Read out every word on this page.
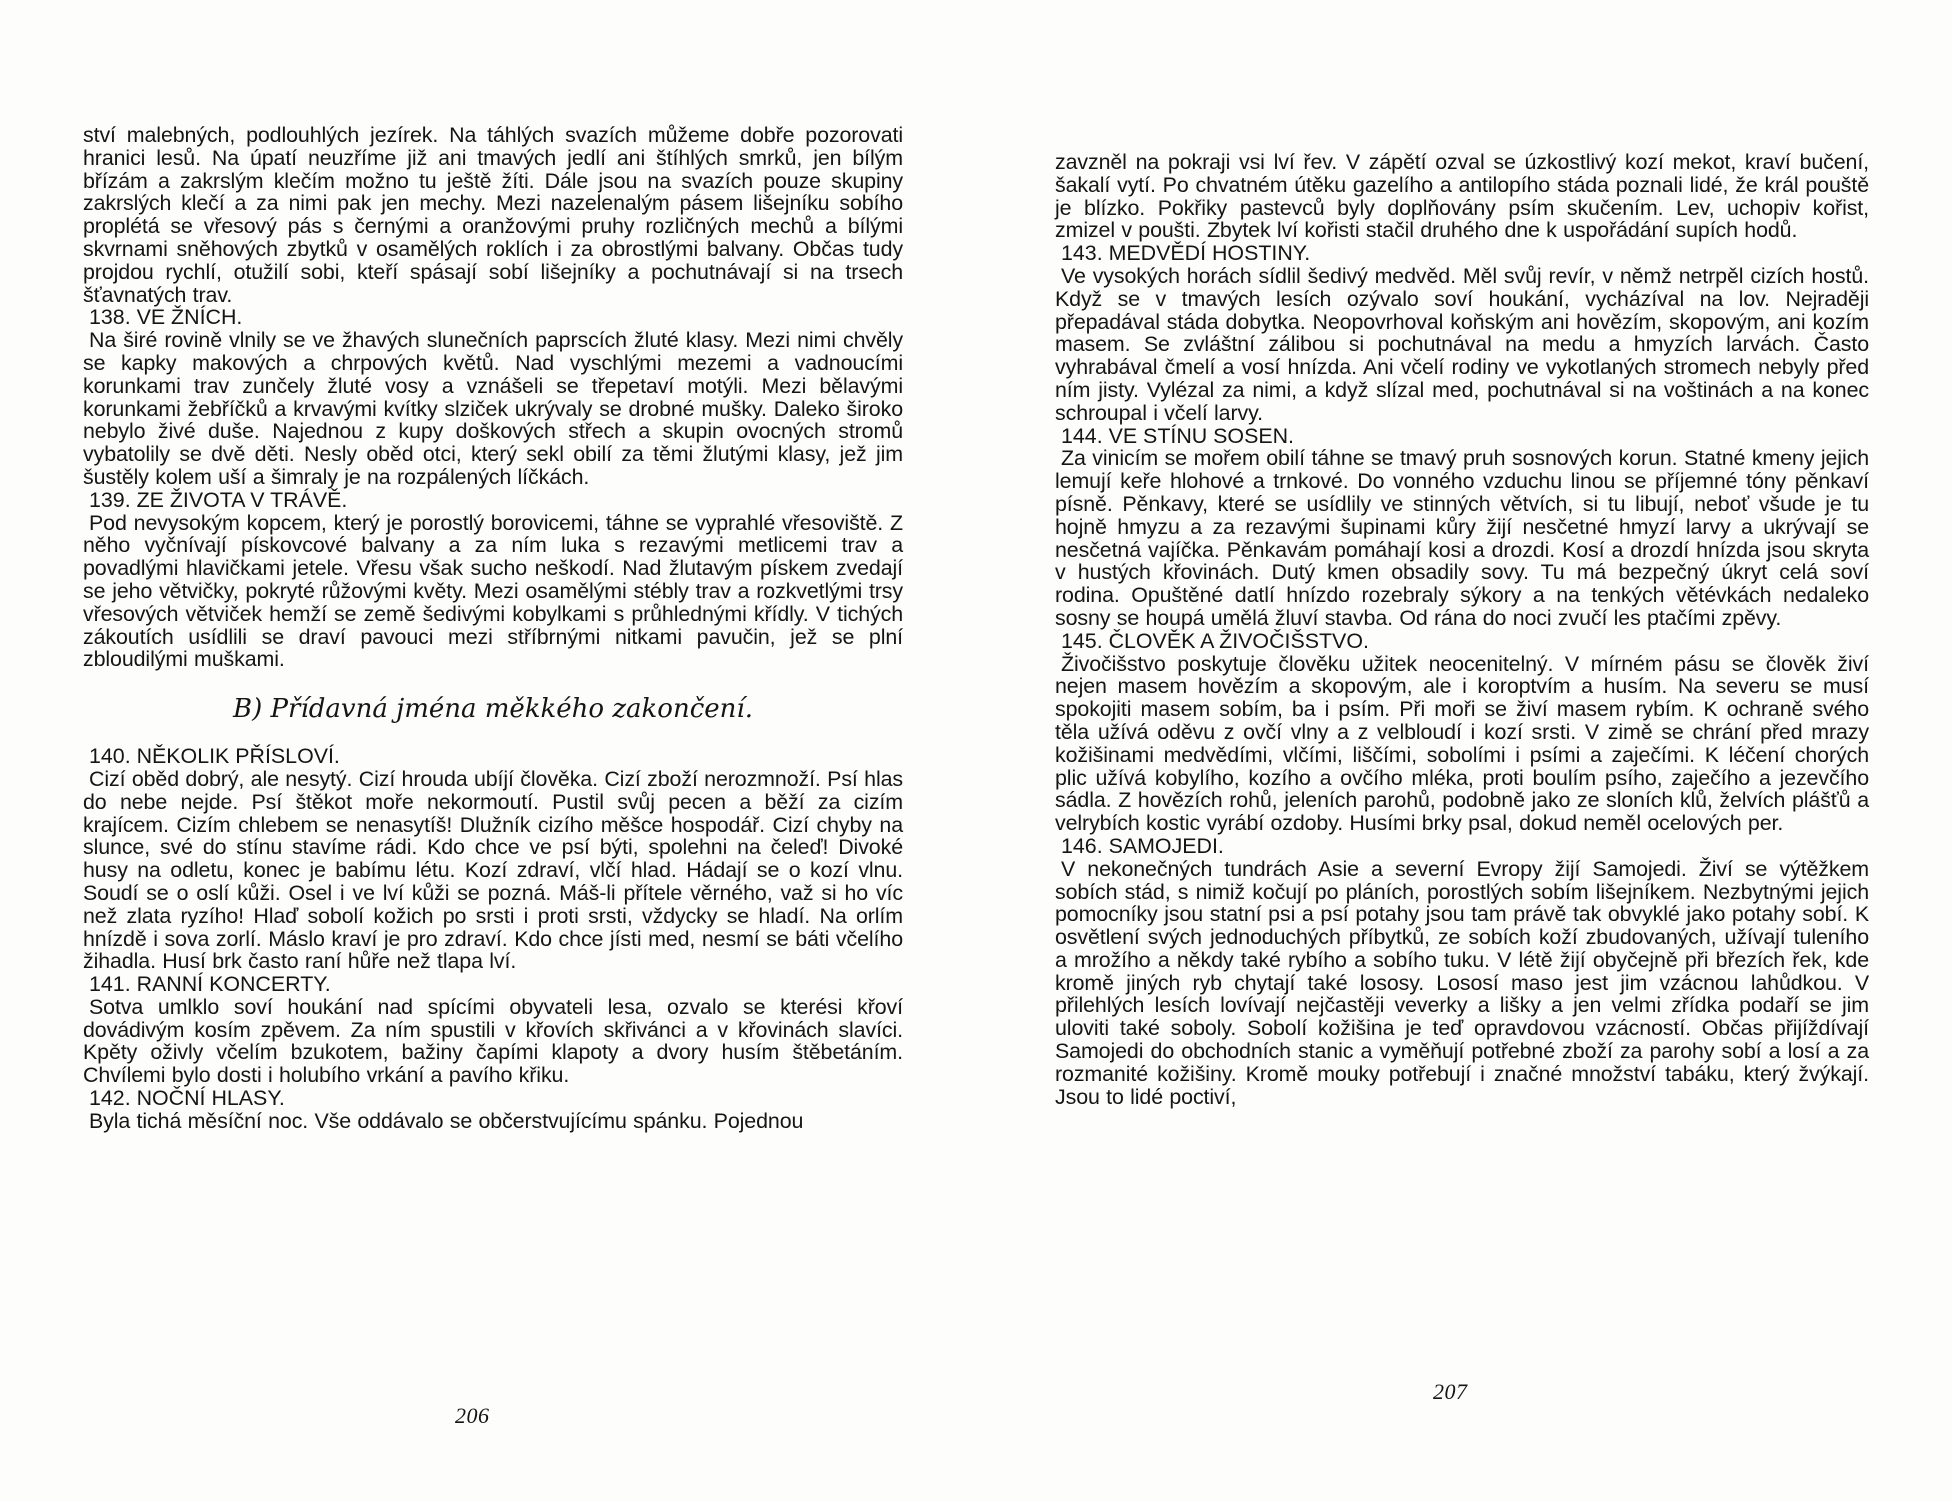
ství malebných, podlouhlých jezírek. Na táhlých svazích můžeme dobře pozorovati hranici lesů. Na úpatí neuzříme již ani tmavých jedlí ani štíhlých smrků, jen bílým břízám a zakrslým klečím možno tu ještě žíti. Dále jsou na svazích pouze skupiny zakrslých klečí a za nimi pak jen mechy. Mezi nazelenalým pásem lišejníku sobího proplétá se vřesový pás s černými a oranžovými pruhy rozličných mechů a bílými skvrnami sněhových zbytků v osamělých roklích i za obrostlými balvany. Občas tudy projdou rychlí, otužilí sobi, kteří spásají sobí lišejníky a pochutnávají si na trsech šťavnatých trav.
138. VE ŽNÍCH.
Na širé rovině vlnily se ve žhavých slunečních paprscích žluté klasy. Mezi nimi chvěly se kapky makových a chrpových květů. Nad vyschlými mezemi a vadnoucími korunkami trav zunčely žluté vosy a vznášeli se třepetaví motýli. Mezi bělavými korunkami žebříčků a krvavými kvítky slziček ukrývaly se drobné mušky. Daleko široko nebylo živé duše. Najednou z kupy doškových střech a skupin ovocných stromů vybatolily se dvě děti. Nesly oběd otci, který sekl obilí za těmi žlutými klasy, jež jim šustěly kolem uší a šimraly je na rozpálených líčkách.
139. ZE ŽIVOTA V TRÁVĚ.
Pod nevysokým kopcem, který je porostlý borovicemi, táhne se vyprahlé vřesoviště. Z něho vyčnívají pískovcové balvany a za ním luka s rezavými metlicemi trav a povadlými hlavičkami jetele. Vřesu však sucho neškodí. Nad žlutavým pískem zvedají se jeho větvičky, pokryté růžovými květy. Mezi osamělými stébly trav a rozkvetlými trsy vřesových větviček hemží se země šedivými kobylkami s průhlednými křídly. V tichých zákoutích usídlili se draví pavouci mezi stříbrnými nitkami pavučin, jež se plní zbloudilými muškami.
B) Přídavná jména měkkého zakončení.
140. NĚKOLIK PŘÍSLOVÍ.
Cizí oběd dobrý, ale nesytý. Cizí hrouda ubíjí člověka. Cizí zboží nerozmnoží. Psí hlas do nebe nejde. Psí štěkot moře nekormoutí. Pustil svůj pecen a běží za cizím krajícem. Cizím chlebem se nenasytíš! Dlužník cizího měšce hospodář. Cizí chyby na slunce, své do stínu stavíme rádi. Kdo chce ve psí býti, spolehni na čeleď! Divoké husy na odletu, konec je babímu létu. Kozí zdraví, vlčí hlad. Hádají se o kozí vlnu. Soudí se o oslí kůži. Osel i ve lví kůži se pozná. Máš-li přítele věrného, važ si ho víc než zlata ryzího! Hlaď sobolí kožich po srsti i proti srsti, vždycky se hladí. Na orlím hnízdě i sova zorlí. Máslo kraví je pro zdraví. Kdo chce jísti med, nesmí se báti včelího žihadla. Husí brk často raní hůře než tlapa lví.
141. RANNÍ KONCERTY.
Sotva umlklo soví houkání nad spícími obyvateli lesa, ozvalo se kterési křoví dovádivým kosím zpěvem. Za ním spustili v křovích skřivánci a v křovinách slavíci. Kpěty oživly včelím bzukotem, bažiny čapími klapoty a dvory husím štěbetáním. Chvílemi bylo dosti i holubího vrkání a pavího křiku.
142. NOČNÍ HLASY.
Byla tichá měsíční noc. Vše oddávalo se občerstvujícímu spánku. Pojednou
206
zavzněl na pokraji vsi lví řev. V zápětí ozval se úzkostlivý kozí mekot, kraví bučení, šakalí vytí. Po chvatném útěku gazelího a antilopího stáda poznali lidé, že král pouště je blízko. Pokřiky pastevců byly doplňovány psím skučením. Lev, uchopiv kořist, zmizel v poušti. Zbytek lví kořisti stačil druhého dne k uspořádání supích hodů.
143. MEDVĚDÍ HOSTINY.
Ve vysokých horách sídlil šedivý medvěd. Měl svůj revír, v němž netrpěl cizích hostů. Když se v tmavých lesích ozývalo soví houkání, vycházíval na lov. Nejraději přepadával stáda dobytka. Neopovrhoval koňským ani hovězím, skopovým, ani kozím masem. Se zvláštní zálibou si pochutnával na medu a hmyzích larvách. Často vyhrabával čmelí a vosí hnízda. Ani včelí rodiny ve vykotlaných stromech nebyly před ním jisty. Vylézal za nimi, a když slízal med, pochutnával si na voštinách a na konec schroupal i včelí larvy.
144. VE STÍNU SOSEN.
Za vinicím se mořem obilí táhne se tmavý pruh sosnových korun. Statné kmeny jejich lemují keře hlohové a trnkové. Do vonného vzduchu linou se příjemné tóny pěnkaví písně. Pěnkavy, které se usídlily ve stinných větvích, si tu libují, neboť všude je tu hojně hmyzu a za rezavými šupinami kůry žijí nesčetné hmyzí larvy a ukrývají se nesčetná vajíčka. Pěnkavám pomáhají kosi a drozdi. Kosí a drozdí hnízda jsou skryta v hustých křovinách. Dutý kmen obsadily sovy. Tu má bezpečný úkryt celá soví rodina. Opuštěné datlí hnízdo rozebraly sýkory a na tenkých větévkách nedaleko sosny se houpá umělá žluví stavba. Od rána do noci zvučí les ptačími zpěvy.
145. ČLOVĚK A ŽIVOČIŠSTVO.
Živočišstvo poskytuje člověku užitek neocenitelný. V mírném pásu se člověk živí nejen masem hovězím a skopovým, ale i koroptvím a husím. Na severu se musí spokojiti masem sobím, ba i psím. Při moři se živí masem rybím. K ochraně svého těla užívá oděvu z ovčí vlny a z velbloudí i kozí srsti. V zimě se chrání před mrazy kožišinami medvědími, vlčími, liščími, sobolími i psími a zaječími. K léčení chorých plic užívá kobylího, kozího a ovčího mléka, proti boulím psího, zaječího a jezevčího sádla. Z hovězích rohů, jeleních parohů, podobně jako ze sloních klů, želvích plášťů a velrybích kostic vyrábí ozdoby. Husími brky psal, dokud neměl ocelových per.
146. SAMOJEDI.
V nekonečných tundrách Asie a severní Evropy žijí Samojedi. Živí se výtěžkem sobích stád, s nimiž kočují po pláních, porostlých sobím lišejníkem. Nezbytnými jejich pomocníky jsou statní psi a psí potahy jsou tam právě tak obvyklé jako potahy sobí. K osvětlení svých jednoduchých příbytků, ze sobích koží zbudovaných, užívají tuleního a mrožího a někdy také rybího a sobího tuku. V létě žijí obyčejně při březích řek, kde kromě jiných ryb chytají také lososy. Lososí maso jest jim vzácnou lahůdkou. V přilehlých lesích lovívají nejčastěji veverky a lišky a jen velmi zřídka podaří se jim uloviti také soboly. Sobolí kožišina je teď opravdovou vzácností. Občas přijíždívají Samojedi do obchodních stanic a vyměňují potřebné zboží za parohy sobí a losí a za rozmanité kožišiny. Kromě mouky potřebují i značné množství tabáku, který žvýkají. Jsou to lidé poctiví,
207
